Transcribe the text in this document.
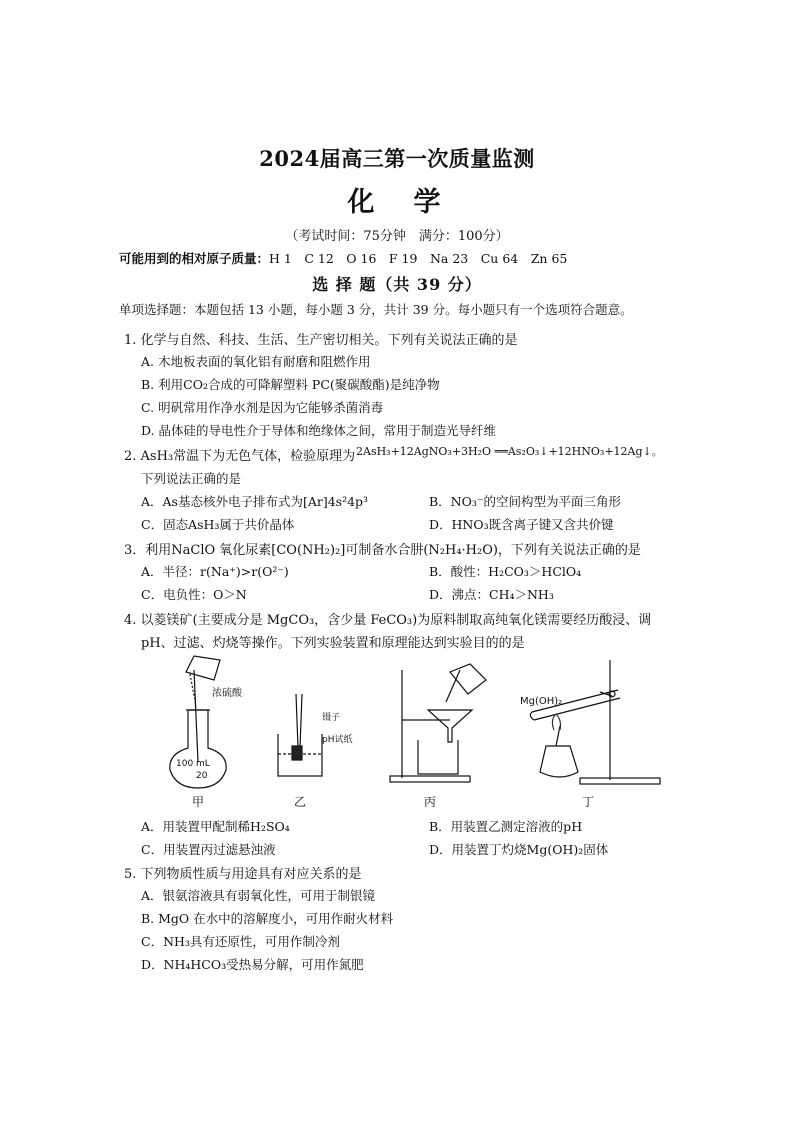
2024届高三第一次质量监测
化　学
（考试时间：75分钟　满分：100分）
可能用到的相对原子质量：H 1　C 12　O 16　F 19　Na 23　Cu 64　Zn 65
选 择 题（共 39 分）
单项选择题：本题包括 13 小题，每小题 3 分，共计 39 分。每小题只有一个选项符合题意。
1. 化学与自然、科技、生活、生产密切相关。下列有关说法正确的是
A. 木地板表面的氧化铝有耐磨和阻燃作用
B. 利用CO₂合成的可降解塑料 PC(聚碳酸酯)是纯净物
C. 明矾常用作净水剂是因为它能够杀菌消毒
D. 晶体硅的导电性介于导体和绝缘体之间，常用于制造光导纤维
2. AsH₃常温下为无色气体，检验原理为 2AsH₃+12AgNO₃+3H₂O ══As₂O₃↓+12HNO₃+12Ag↓。
下列说法正确的是
A．As基态核外电子排布式为[Ar]4s²4p³	B．NO₃⁻的空间构型为平面三角形
C．固态AsH₃属于共价晶体	D．HNO₃既含离子键又含共价键
3．利用NaClO 氧化尿素[CO(NH₂)₂]可制备水合肼(N₂H₄·H₂O)，下列有关说法正确的是
A．半径：r(Na⁺)>r(O²⁻)	B．酸性：H₂CO₃＞HClO₄
C．电负性：O＞N	D．沸点：CH₄＞NH₃
4. 以菱镁矿(主要成分是 MgCO₃，含少量 FeCO₃)为原料制取高纯氧化镁需要经历酸浸、调
pH、过滤、灼烧等操作。下列实验装置和原理能达到实验目的的是
浓硫酸
100 mL
20
镊子
pH试纸
Mg(OH)₂
甲	乙	丙	丁
A．用装置甲配制稀H₂SO₄	B．用装置乙测定溶液的pH
C．用装置丙过滤悬浊液	D．用装置丁灼烧Mg(OH)₂固体
5. 下列物质性质与用途具有对应关系的是
A．银氨溶液具有弱氧化性，可用于制银镜
B. MgO 在水中的溶解度小，可用作耐火材料
C．NH₃具有还原性，可用作制冷剂
D．NH₄HCO₃受热易分解，可用作氮肥
